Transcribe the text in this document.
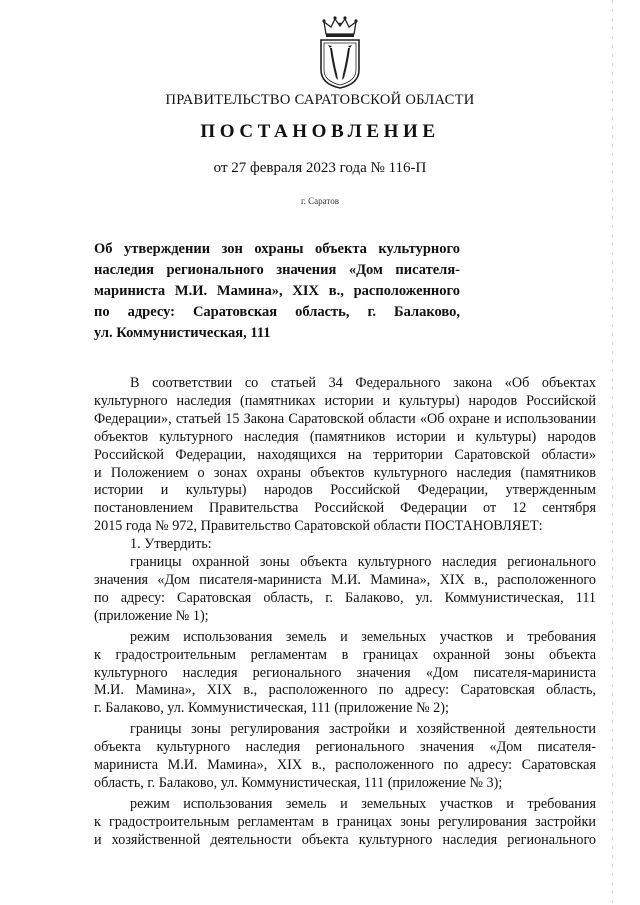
ПРАВИТЕЛЬСТВО САРАТОВСКОЙ ОБЛАСТИ
ПОСТАНОВЛЕНИЕ
от 27 февраля 2023 года № 116-П
г. Саратов
Об утверждении зон охраны объекта культурного
наследия регионального значения «Дом писателя-
мариниста М.И. Мамина», XIX в., расположенного
по адресу: Саратовская область, г. Балаково,
ул. Коммунистическая, 111
В соответствии со статьей 34 Федерального закона «Об объектах
культурного наследия (памятниках истории и культуры) народов Российской
Федерации», статьей 15 Закона Саратовской области «Об охране и использовании
объектов культурного наследия (памятников истории и культуры) народов
Российской Федерации, находящихся на территории Саратовской области»
и Положением о зонах охраны объектов культурного наследия (памятников
истории и культуры) народов Российской Федерации, утвержденным
постановлением Правительства Российской Федерации от 12 сентября
2015 года № 972, Правительство Саратовской области ПОСТАНОВЛЯЕТ:
1. Утвердить:
границы охранной зоны объекта культурного наследия регионального
значения «Дом писателя-мариниста М.И. Мамина», XIX в., расположенного
по адресу: Саратовская область, г. Балаково, ул. Коммунистическая, 111
(приложение № 1);
режим использования земель и земельных участков и требования
к градостроительным регламентам в границах охранной зоны объекта
культурного наследия регионального значения «Дом писателя-мариниста
М.И. Мамина», XIX в., расположенного по адресу: Саратовская область,
г. Балаково, ул. Коммунистическая, 111 (приложение № 2);
границы зоны регулирования застройки и хозяйственной деятельности
объекта культурного наследия регионального значения «Дом писателя-
мариниста М.И. Мамина», XIX в., расположенного по адресу: Саратовская
область, г. Балаково, ул. Коммунистическая, 111 (приложение № 3);
режим использования земель и земельных участков и требования
к градостроительным регламентам в границах зоны регулирования застройки
и хозяйственной деятельности объекта культурного наследия регионального
